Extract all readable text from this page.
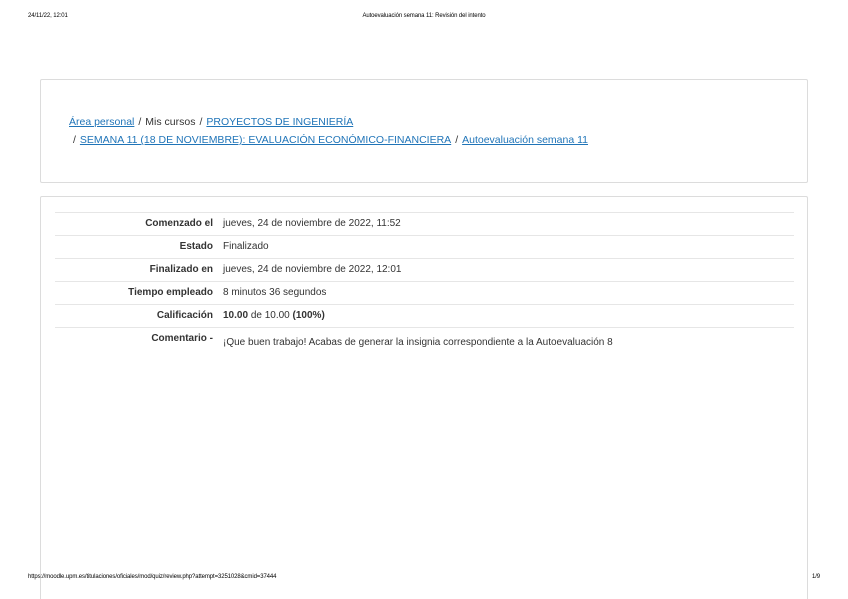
24/11/22, 12:01	Autoevaluación semana 11: Revisión del intento
Área personal / Mis cursos / PROYECTOS DE INGENIERÍA
/ SEMANA 11 (18 DE NOVIEMBRE): EVALUACIÓN ECONÓMICO-FINANCIERA / Autoevaluación semana 11
Comenzado el	jueves, 24 de noviembre de 2022, 11:52
Estado	Finalizado
Finalizado en	jueves, 24 de noviembre de 2022, 12:01
Tiempo empleado	8 minutos 36 segundos
Calificación	10.00 de 10.00 (100%)
Comentario -	¡Que buen trabajo! Acabas de generar la insignia correspondiente a la Autoevaluación 8
https://moodle.upm.es/titulaciones/oficiales/mod/quiz/review.php?attempt=3251028&cmid=37444	1/9
